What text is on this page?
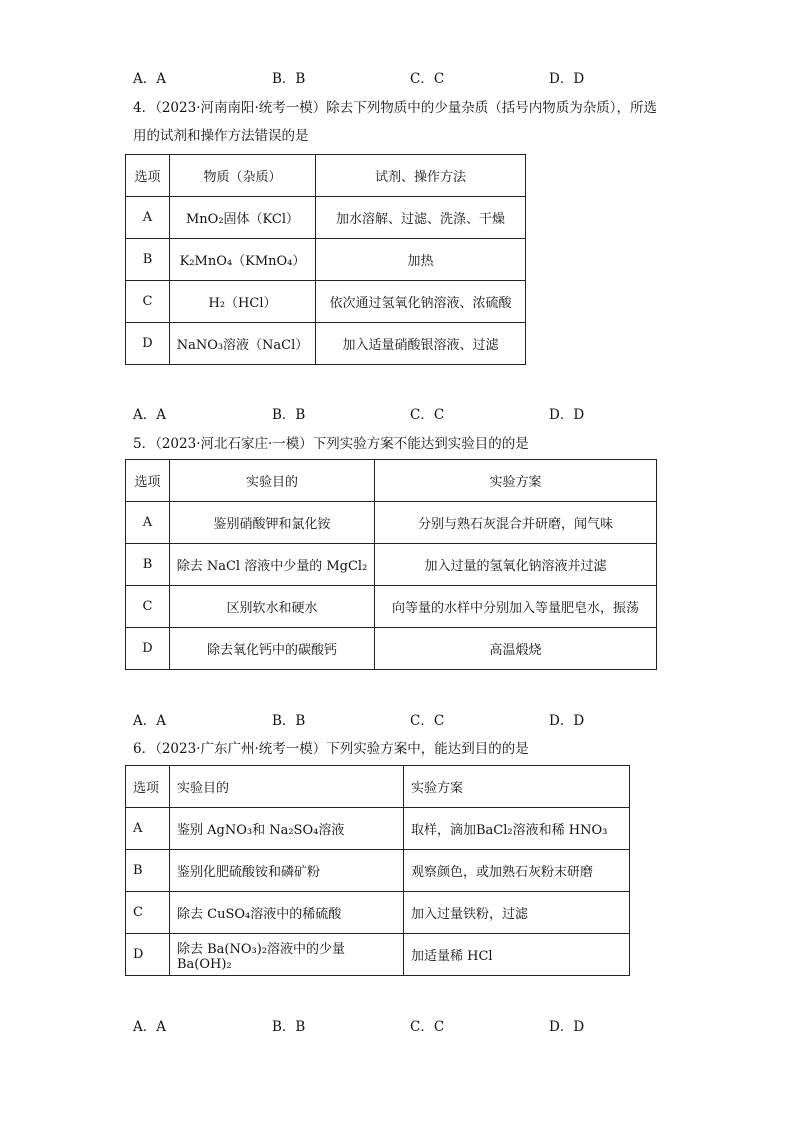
A．A	B．B	C．C	D．D
4．（2023·河南南阳·统考一模）除去下列物质中的少量杂质（括号内物质为杂质），所选
用的试剂和操作方法错误的是
选项	物质（杂质）	试剂、操作方法
A	MnO₂固体（KCl）	加水溶解、过滤、洗涤、干燥
B	K₂MnO₄（KMnO₄）	加热
C	H₂（HCl）	依次通过氢氧化钠溶液、浓硫酸
D	NaNO₃溶液（NaCl）	加入适量硝酸银溶液、过滤
A．A	B．B	C．C	D．D
5．（2023·河北石家庄·一模）下列实验方案不能达到实验目的的是
选项	实验目的	实验方案
A	鉴别硝酸钾和氯化铵	分别与熟石灰混合并研磨，闻气味
B	除去 NaCl 溶液中少量的 MgCl₂	加入过量的氢氧化钠溶液并过滤
C	区别软水和硬水	向等量的水样中分别加入等量肥皂水，振荡
D	除去氧化钙中的碳酸钙	高温煅烧
A．A	B．B	C．C	D．D
6．（2023·广东广州·统考一模）下列实验方案中，能达到目的的是
选项	实验目的	实验方案
A	鉴别 AgNO₃和 Na₂SO₄溶液	取样，滴加BaCl₂溶液和稀 HNO₃
B	鉴别化肥硫酸铵和磷矿粉	观察颜色，或加熟石灰粉末研磨
C	除去 CuSO₄溶液中的稀硫酸	加入过量铁粉，过滤
D	除去 Ba(NO₃)₂溶液中的少量 Ba(OH)₂	加适量稀 HCl
A．A	B．B	C．C	D．D
